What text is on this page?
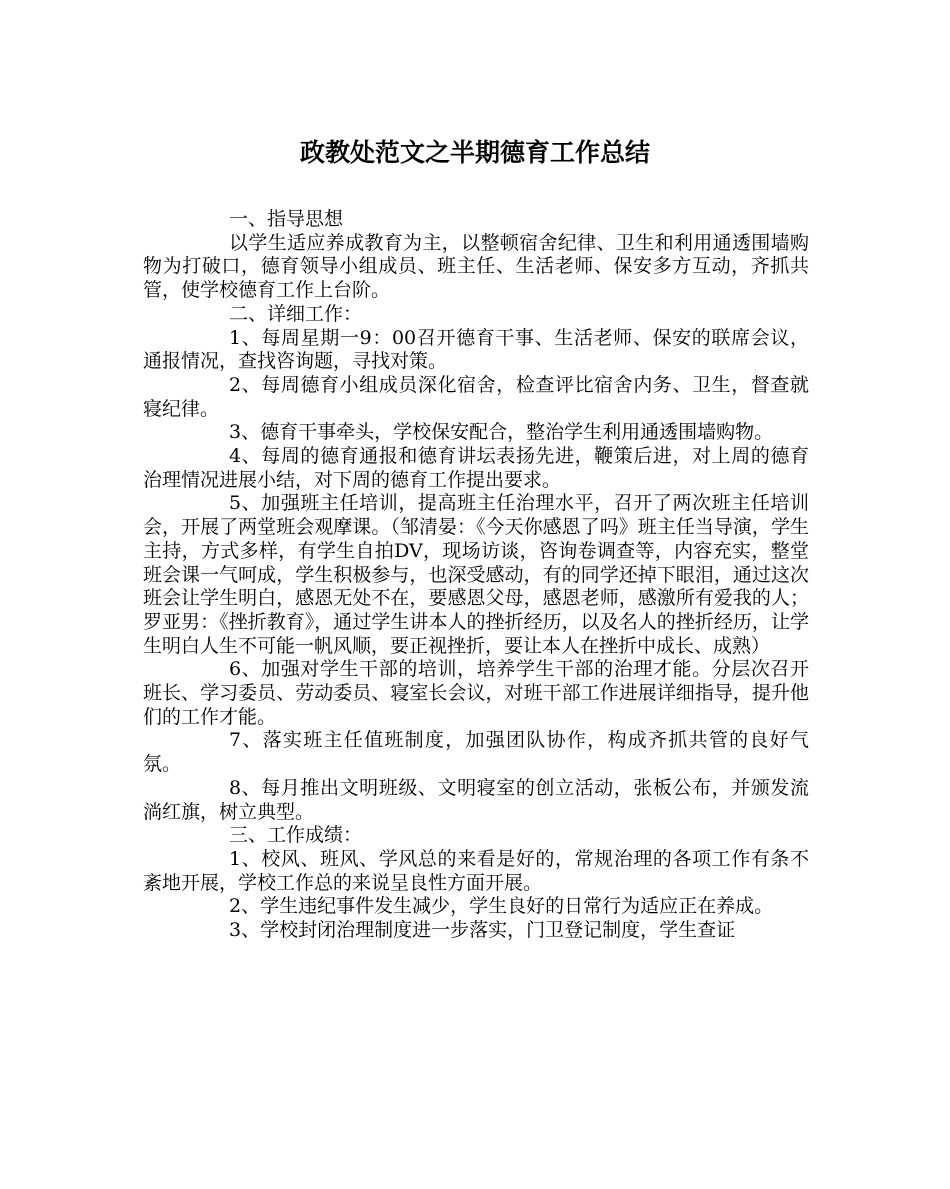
政教处范文之半期德育工作总结

一、指导思想

以学生适应养成教育为主，以整顿宿舍纪律、卫生和利用通透围墙购物为打破口，德育领导小组成员、班主任、生活老师、保安多方互动，齐抓共管，使学校德育工作上台阶。

二、详细工作：

1、每周星期一9：00召开德育干事、生活老师、保安的联席会议，通报情况，查找咨询题，寻找对策。

2、每周德育小组成员深化宿舍，检查评比宿舍内务、卫生，督查就寝纪律。

3、德育干事牵头，学校保安配合，整治学生利用通透围墙购物。

4、每周的德育通报和德育讲坛表扬先进，鞭策后进，对上周的德育治理情况进展小结，对下周的德育工作提出要求。

5、加强班主任培训，提高班主任治理水平，召开了两次班主任培训会，开展了两堂班会观摩课。（邹清晏：《今天你感恩了吗》班主任当导演，学生主持，方式多样，有学生自拍DV，现场访谈，咨询卷调查等，内容充实，整堂班会课一气呵成，学生积极参与，也深受感动，有的同学还掉下眼泪，通过这次班会让学生明白，感恩无处不在，要感恩父母，感恩老师，感激所有爱我的人；罗亚男：《挫折教育》，通过学生讲本人的挫折经历，以及名人的挫折经历，让学生明白人生不可能一帆风顺，要正视挫折，要让本人在挫折中成长、成熟）

6、加强对学生干部的培训，培养学生干部的治理才能。分层次召开班长、学习委员、劳动委员、寝室长会议，对班干部工作进展详细指导，提升他们的工作才能。

7、落实班主任值班制度，加强团队协作，构成齐抓共管的良好气氛。

8、每月推出文明班级、文明寝室的创立活动，张板公布，并颁发流淌红旗，树立典型。

三、工作成绩：

1、校风、班风、学风总的来看是好的，常规治理的各项工作有条不紊地开展，学校工作总的来说呈良性方面开展。

2、学生违纪事件发生减少，学生良好的日常行为适应正在养成。

3、学校封闭治理制度进一步落实，门卫登记制度，学生查证
